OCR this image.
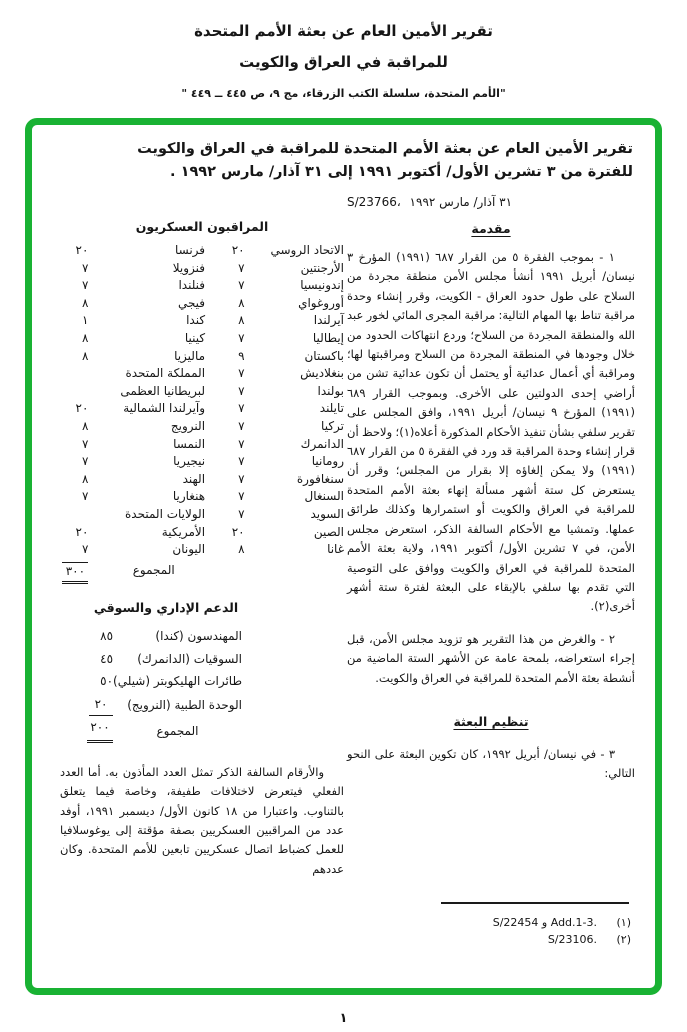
تقرير الأمين العام عن بعثة الأمم المتحدة
للمراقبة في العراق والكويت
"الأمم المتحدة، سلسلة الكتب الزرقاء، مج ٩، ص ٤٤٥ ــ ٤٤٩ "
تقرير الأمين العام عن بعثة الأمم المتحدة للمراقبة في العراق والكويت
للفترة من ٣ تشرين الأول/ أكتوبر ١٩٩١ إلى ٣١ آذار/ مارس ١٩٩٢ .
S/23766، ٣١ آذار/ مارس ١٩٩٢
مقدمة

١ - بموجب الفقرة ٥ من القرار ٦٨٧ (١٩٩١) المؤرخ ٣ نيسان/ أبريل ١٩٩١ أنشأ مجلس الأمن منطقة مجردة من السلاح على طول حدود العراق - الكويت، وقرر إنشاء وحدة مراقبة تناط بها المهام التالية: مراقبة المجرى المائي لخور عبد الله والمنطقة المجردة من السلاح؛ وردع انتهاكات الحدود من خلال وجودها في المنطقة المجردة من السلاح ومراقبتها لها؛ ومراقبة أي أعمال عدائية أو يحتمل أن تكون عدائية تشن من أراضي إحدى الدولتين على الأخرى. وبموجب القرار ٦٨٩ (١٩٩١) المؤرخ ٩ نيسان/ أبريل ١٩٩١، وافق المجلس على تقرير سلفي بشأن تنفيذ الأحكام المذكورة أعلاه(١)؛ ولاحظ أن قرار إنشاء وحدة المراقبة قد ورد في الفقرة ٥ من القرار ٦٨٧ (١٩٩١) ولا يمكن إلغاؤه إلا بقرار من المجلس؛ وقرر أن يستعرض كل ستة أشهر مسألة إنهاء بعثة الأمم المتحدة للمراقبة في العراق والكويت أو استمرارها وكذلك طرائق عملها. وتمشيا مع الأحكام السالفة الذكر، استعرض مجلس الأمن، في ٧ تشرين الأول/ أكتوبر ١٩٩١، ولاية بعثة الأمم المتحدة للمراقبة في العراق والكويت ووافق على التوصية التي تقدم بها سلفي بالإبقاء على البعثة لفترة ستة أشهر أخرى(٢).

٢ - والغرض من هذا التقرير هو تزويد مجلس الأمن، قبل إجراء استعراضه، بلمحة عامة عن الأشهر الستة الماضية من أنشطة بعثة الأمم المتحدة للمراقبة في العراق والكويت.

تنظيم البعثة

٣ - في نيسان/ أبريل ١٩٩٢، كان تكوين البعثة على النحو التالي:

(١)
S/22454 و Add.1-3.
(٢)
S/23106.
المراقبون العسكريون
الاتحاد الروسي	٢٠	فرنسا	٢٠
الأرجنتين	٧	فنزويلا	٧
إندونيسيا	٧	فنلندا	٧
أوروغواي	٨	فيجي	٨
آيرلندا	٨	كندا	١
إيطاليا	٧	كينيا	٨
باكستان	٩	ماليزيا	٨
بنغلاديش	٧	المملكة المتحدة	
بولندا	٧	لبريطانيا العظمى	
تايلند	٧	وآيرلندا الشمالية	٢٠
تركيا	٧	النرويج	٨
الدانمرك	٧	النمسا	٧
رومانيا	٧	نيجيريا	٧
سنغافورة	٧	الهند	٨
السنغال	٧	هنغاريا	٧
السويد	٧	الولايات المتحدة	
الصين	٢٠	الأمريكية	٢٠
غانا	٨	اليونان	٧
		المجموع	٣٠٠
الدعم الإداري والسوقي
المهندسون (كندا)	٨٥
السوقيات (الدانمرك)	٤٥
طائرات الهليكوبتر (شيلي)	٥٠
الوحدة الطبية (النرويج)	٢٠
المجموع	٢٠٠

والأرقام السالفة الذكر تمثل العدد المأذون به. أما العدد الفعلي فيتعرض لاختلافات طفيفة، وخاصة فيما يتعلق بالتناوب. واعتبارا من ١٨ كانون الأول/ ديسمبر ١٩٩١، أوفد عدد من المراقبين العسكريين بصفة مؤقتة إلى يوغوسلافيا للعمل كضباط اتصال عسكريين تابعين للأمم المتحدة. وكان عددهم

١
